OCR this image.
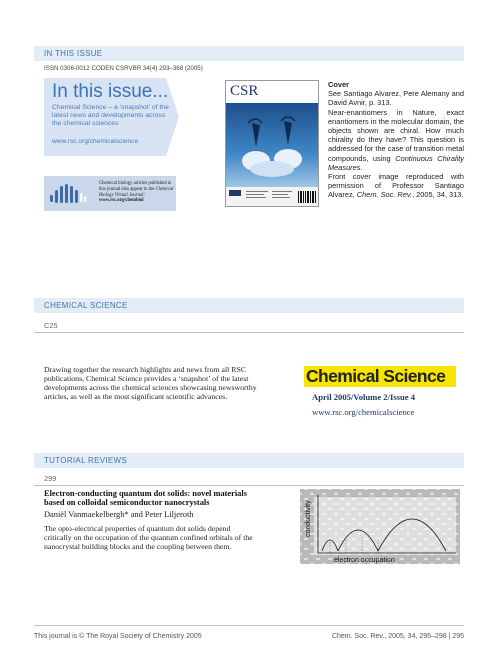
IN THIS ISSUE
ISSN 0306-0012 CODEN CSRVBR 34(4) 293–368 (2005)
In this issue...
Chemical Science – a ‘snapshot’ of the latest news and developments across the chemical sciences
www.rsc.org/chemicalscience
Chemical biology articles published in this journal also appear in the Chemical Biology Virtual Journal: www.rsc.org/chembiol
CSR	Cover
See Santiago Alvarez, Pere Alemany and David Avnir, p. 313.
Near-enantiomers in Nature, exact enantiomers in the molecular domain, the objects shown are chiral. How much chirality do they have? This question is addressed for the case of transition metal compounds, using Continuous Chirality Measures.
Front cover image reproduced with permission of Professor Santiago Alvarez, Chem. Soc. Rev., 2005, 34, 313.
CHEMICAL SCIENCE
C25
Drawing together the research highlights and news from all RSC publications, Chemical Science provides a ‘snapshot’ of the latest developments across the chemical sciences showcasing newsworthy articles, as well as the most significant scientific advances.
Chemical Science
April 2005/Volume 2/Issue 4
www.rsc.org/chemicalscience
TUTORIAL REVIEWS
299
Electron-conducting quantum dot solids: novel materials based on colloidal semiconductor nanocrystals
Daniël Vanmaekelbergh* and Peter Liljeroth
The opto-electrical properties of quantum dot solids depend critically on the occupation of the quantum confined orbitals of the nanocrystal building blocks and the coupling between them.
conductivity
electron occupation
This journal is © The Royal Society of Chemistry 2005	Chem. Soc. Rev., 2005, 34, 295–298 | 295
